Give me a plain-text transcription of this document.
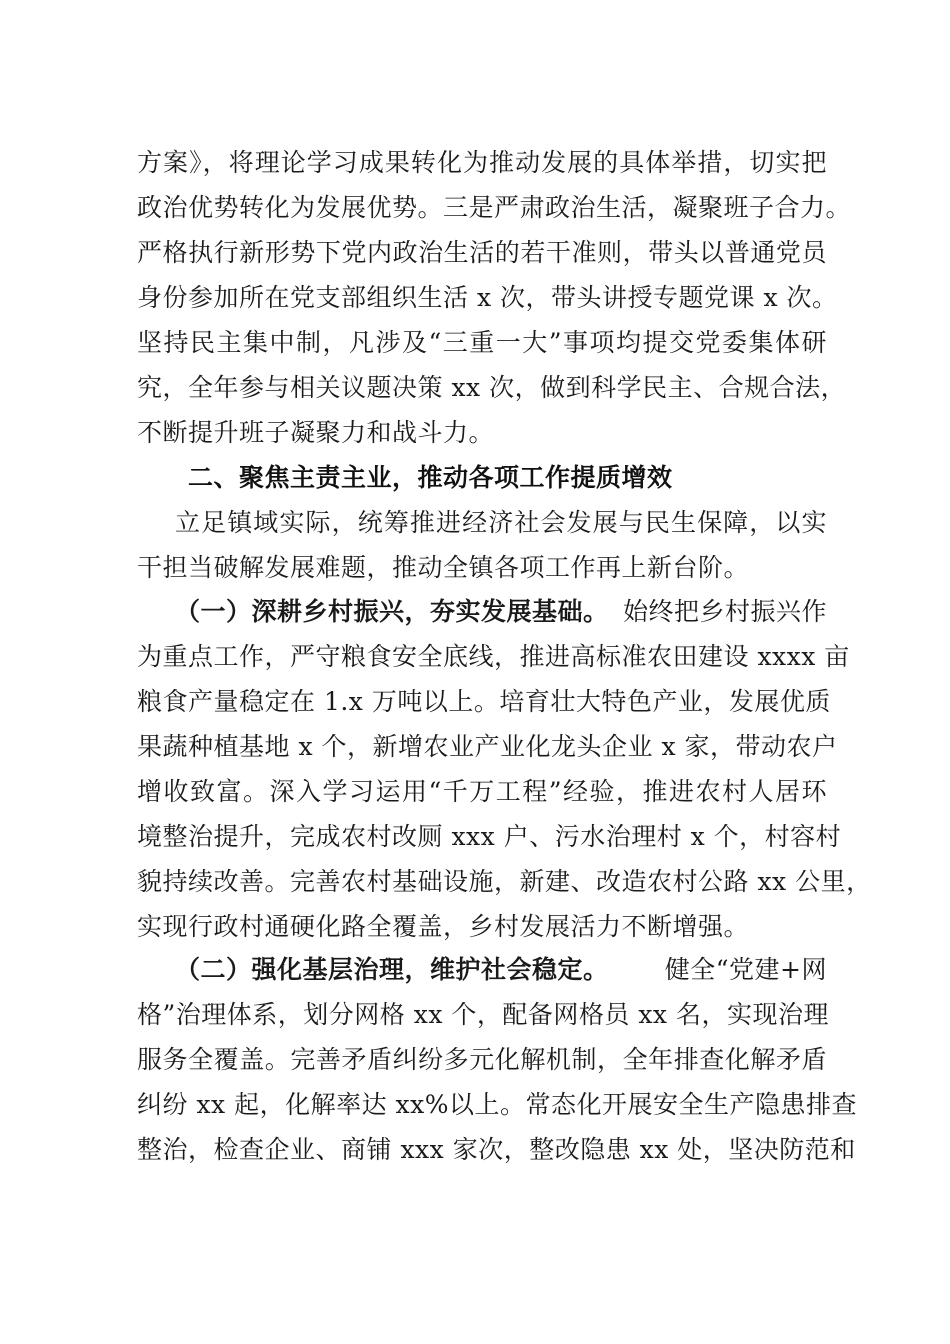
方案》，将理论学习成果转化为推动发展的具体举措，切实把
政治优势转化为发展优势。三是严肃政治生活，凝聚班子合力。
严格执行新形势下党内政治生活的若干准则，带头以普通党员
身份参加所在党支部组织生活 x 次，带头讲授专题党课 x 次。
坚持民主集中制，凡涉及“三重一大”事项均提交党委集体研
究，全年参与相关议题决策 xx 次，做到科学民主、合规合法，
不断提升班子凝聚力和战斗力。
二、聚焦主责主业，推动各项工作提质增效
立足镇域实际，统筹推进经济社会发展与民生保障，以实
干担当破解发展难题，推动全镇各项工作再上新台阶。
（一）深耕乡村振兴，夯实发展基础。 始终把乡村振兴作
为重点工作，严守粮食安全底线，推进高标准农田建设 xxxx 亩
粮食产量稳定在 1.x 万吨以上。培育壮大特色产业，发展优质
果蔬种植基地 x 个，新增农业产业化龙头企业 x 家，带动农户
增收致富。深入学习运用“千万工程”经验，推进农村人居环
境整治提升，完成农村改厕 xxx 户、污水治理村 x 个，村容村
貌持续改善。完善农村基础设施，新建、改造农村公路 xx 公里，
实现行政村通硬化路全覆盖，乡村发展活力不断增强。
（二）强化基层治理，维护社会稳定。 健全“党建+网
格”治理体系，划分网格 xx 个，配备网格员 xx 名，实现治理
服务全覆盖。完善矛盾纠纷多元化解机制，全年排查化解矛盾
纠纷 xx 起，化解率达 xx%以上。常态化开展安全生产隐患排查
整治，检查企业、商铺 xxx 家次，整改隐患 xx 处，坚决防范和
